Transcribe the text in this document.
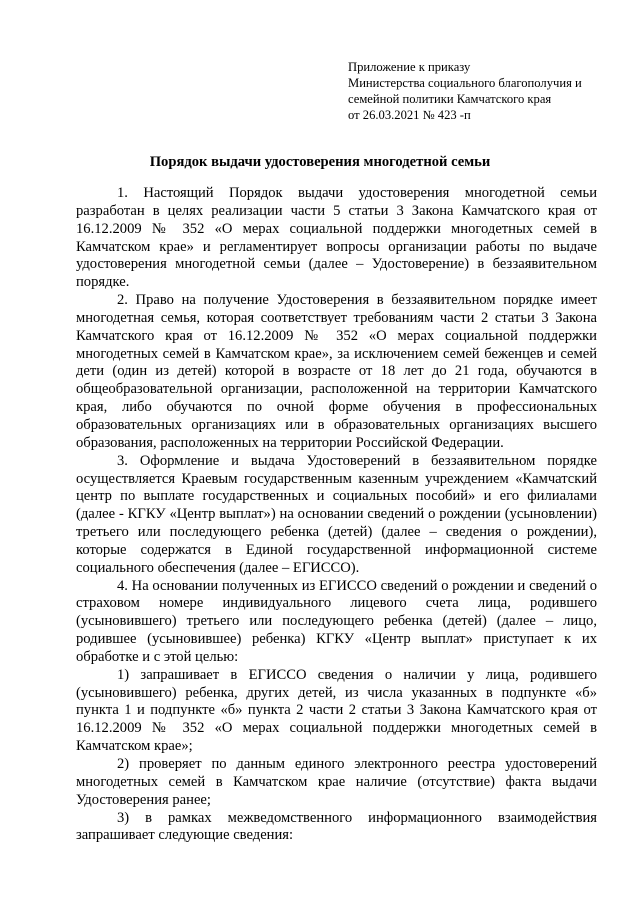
Приложение к приказу
Министерства социального благополучия и
семейной политики Камчатского края
от 26.03.2021 № 423 -п
Порядок выдачи удостоверения многодетной семьи

1. Настоящий Порядок выдачи удостоверения многодетной семьи разработан в целях реализации части 5 статьи 3 Закона Камчатского края от 16.12.2009 № 352 «О мерах социальной поддержки многодетных семей в Камчатском крае» и регламентирует вопросы организации работы по выдаче удостоверения многодетной семьи (далее – Удостоверение) в беззаявительном порядке.

2. Право на получение Удостоверения в беззаявительном порядке имеет многодетная семья, которая соответствует требованиям части 2 статьи 3 Закона Камчатского края от 16.12.2009 № 352 «О мерах социальной поддержки многодетных семей в Камчатском крае», за исключением семей беженцев и семей дети (один из детей) которой в возрасте от 18 лет до 21 года, обучаются в общеобразовательной организации, расположенной на территории Камчатского края, либо обучаются по очной форме обучения в профессиональных образовательных организациях или в образовательных организациях высшего образования, расположенных на территории Российской Федерации.

3. Оформление и выдача Удостоверений в беззаявительном порядке осуществляется Краевым государственным казенным учреждением «Камчатский центр по выплате государственных и социальных пособий» и его филиалами (далее - КГКУ «Центр выплат») на основании сведений о рождении (усыновлении) третьего или последующего ребенка (детей) (далее – сведения о рождении), которые содержатся в Единой государственной информационной системе социального обеспечения (далее – ЕГИССО).

4. На основании полученных из ЕГИССО сведений о рождении и сведений о страховом номере индивидуального лицевого счета лица, родившего (усыновившего) третьего или последующего ребенка (детей) (далее – лицо, родившее (усыновившее) ребенка) КГКУ «Центр выплат» приступает к их обработке и с этой целью:

1) запрашивает в ЕГИССО сведения о наличии у лица, родившего (усыновившего) ребенка, других детей, из числа указанных в подпункте «б» пункта 1 и подпункте «б» пункта 2 части 2 статьи 3 Закона Камчатского края от 16.12.2009 № 352 «О мерах социальной поддержки многодетных семей в Камчатском крае»;

2) проверяет по данным единого электронного реестра удостоверений многодетных семей в Камчатском крае наличие (отсутствие) факта выдачи Удостоверения ранее;

3) в рамках межведомственного информационного взаимодействия запрашивает следующие сведения:
